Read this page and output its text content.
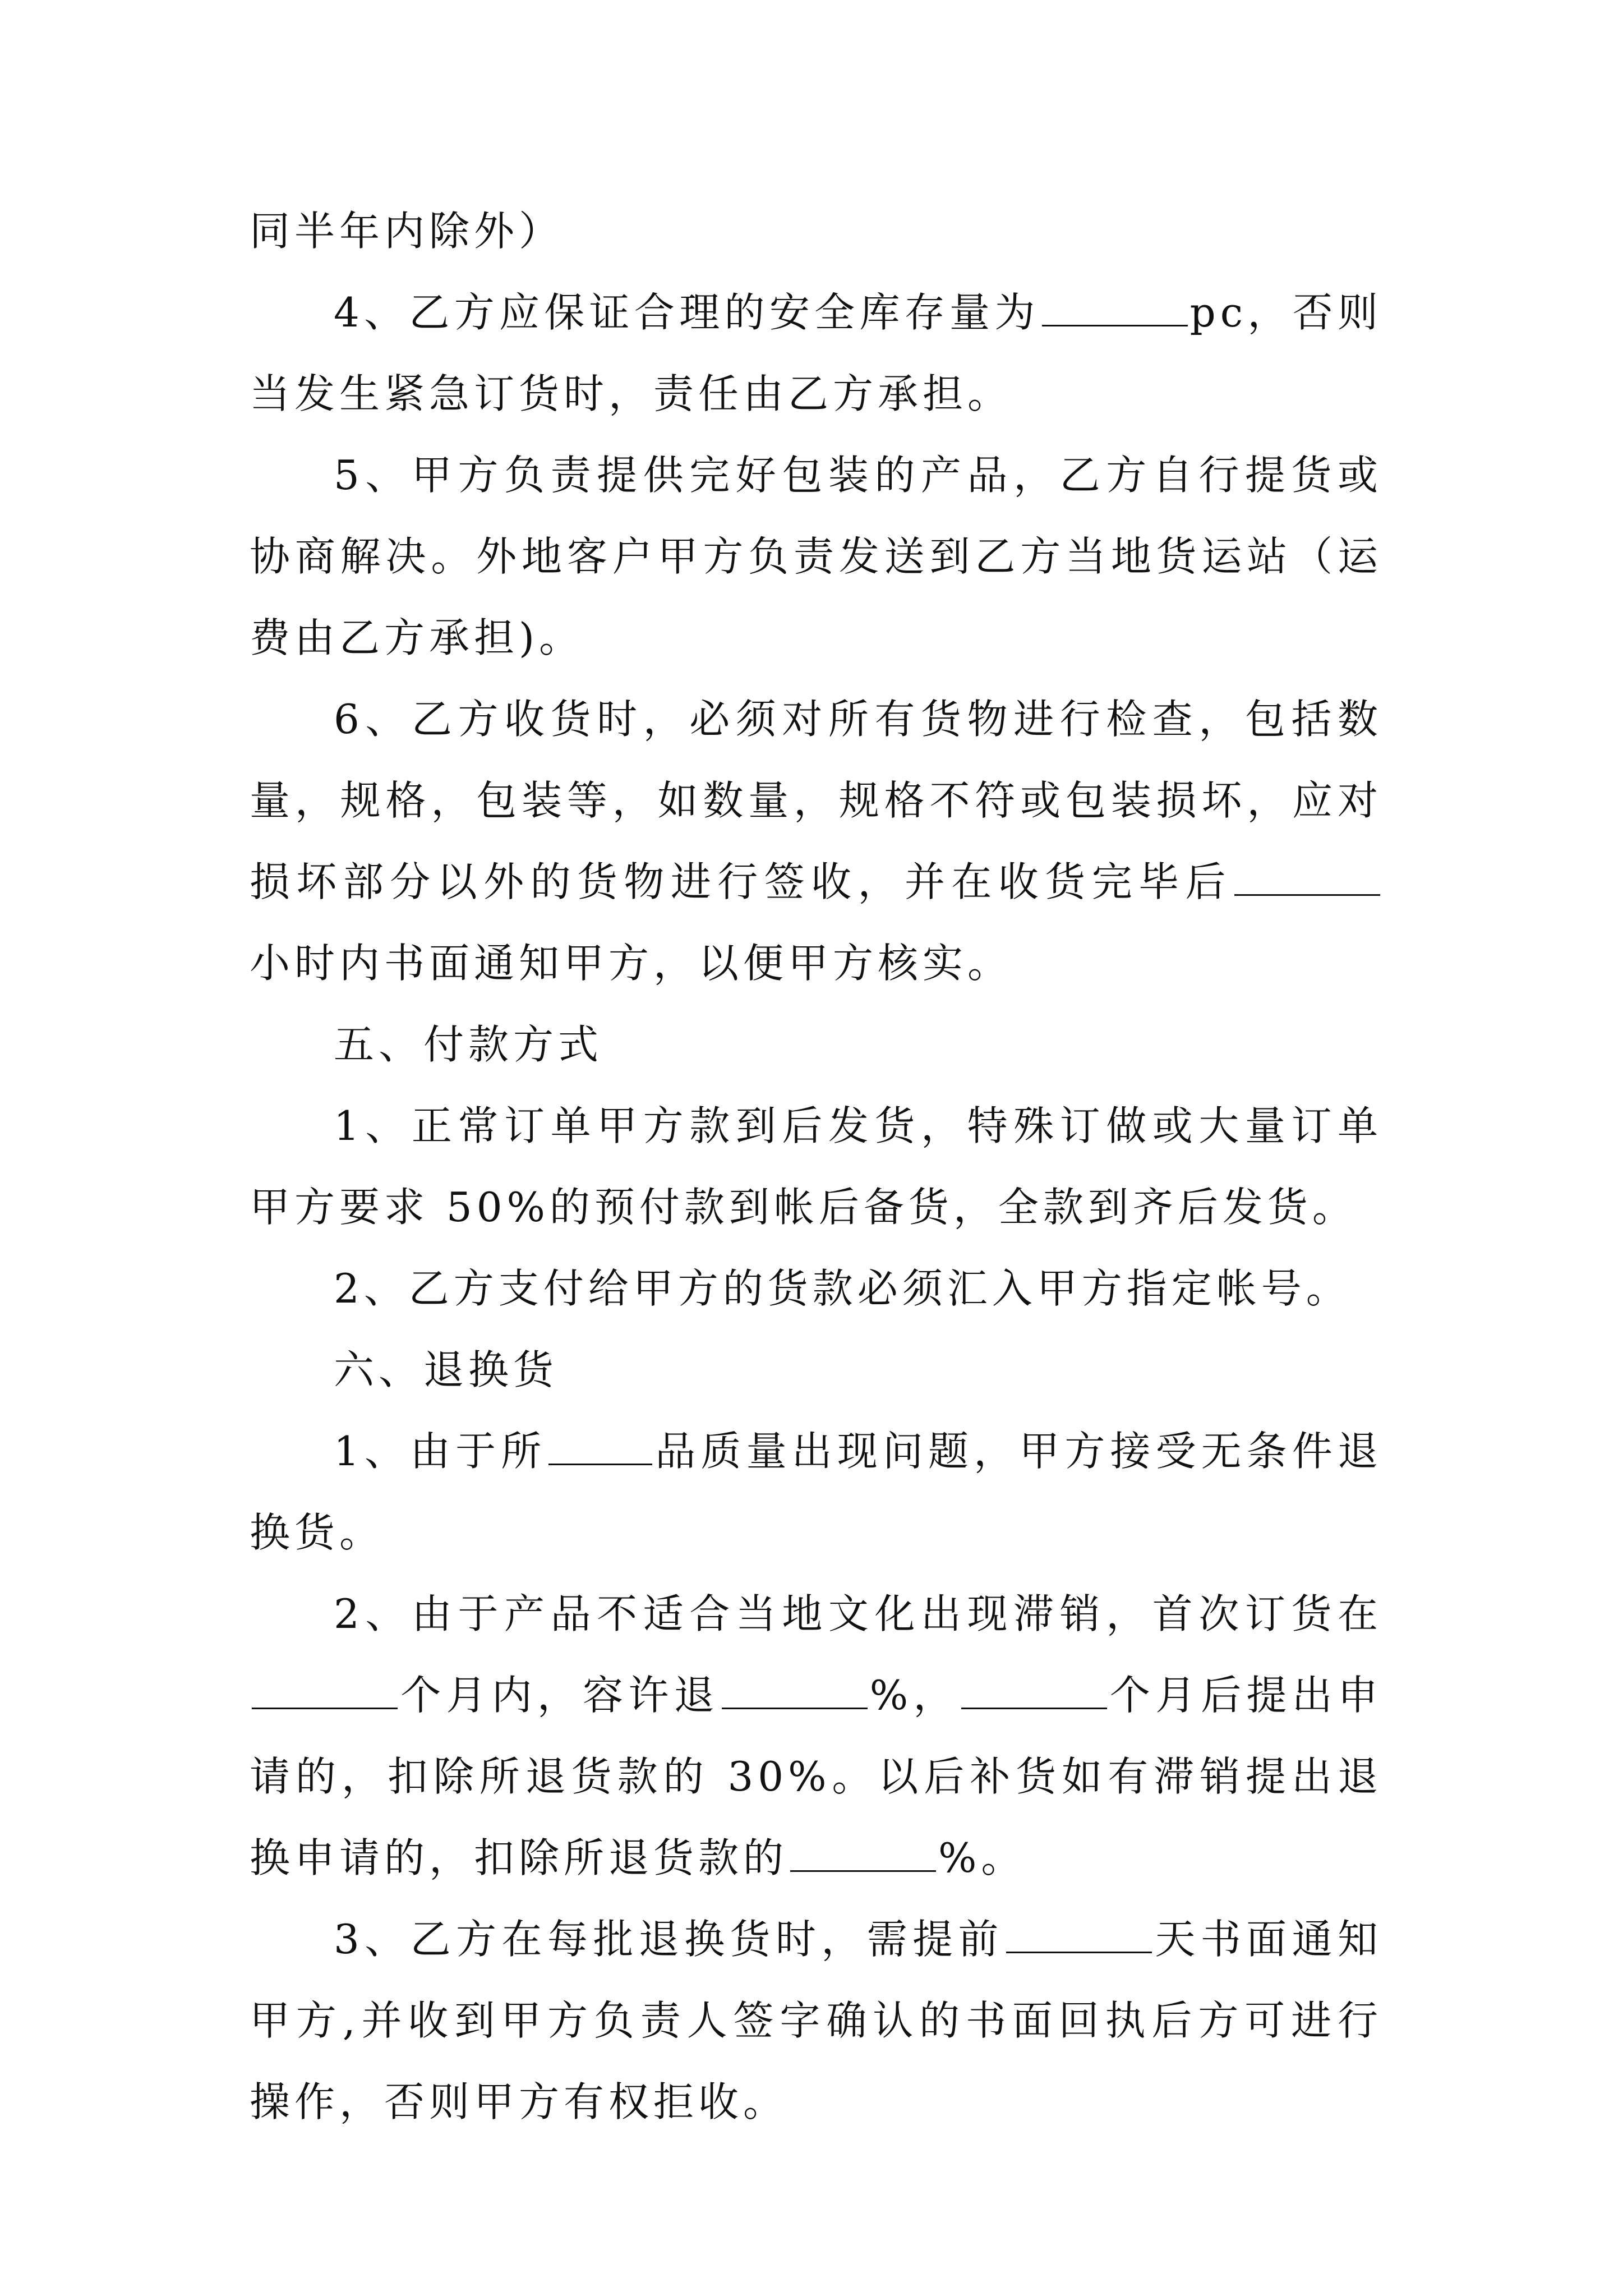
同半年内除外）

4、乙方应保证合理的安全库存量为	pc，否则当发生紧急订货时，责任由乙方承担。

5、甲方负责提供完好包装的产品，乙方自行提货或协商解决。外地客户甲方负责发送到乙方当地货运站（运费由乙方承担)。

6、乙方收货时，必须对所有货物进行检查，包括数量，规格，包装等，如数量，规格不符或包装损坏，应对损坏部分以外的货物进行签收，并在收货完毕后小时内书面通知甲方，以便甲方核实。

五、付款方式

1、正常订单甲方款到后发货，特殊订做或大量订单甲方要求 50%的预付款到帐后备货，全款到齐后发货。

2、乙方支付给甲方的货款必须汇入甲方指定帐号。

六、退换货

1、由于所	品质量出现问题，甲方接受无条件退换货。

2、由于产品不适合当地文化出现滞销，首次订货在个月内，容许退	%，	个月后提出申请的，扣除所退货款的 30%。以后补货如有滞销提出退换申请的，扣除所退货款的	%。

3、乙方在每批退换货时，需提前	天书面通知甲方,并收到甲方负责人签字确认的书面回执后方可进行操作，否则甲方有权拒收。
